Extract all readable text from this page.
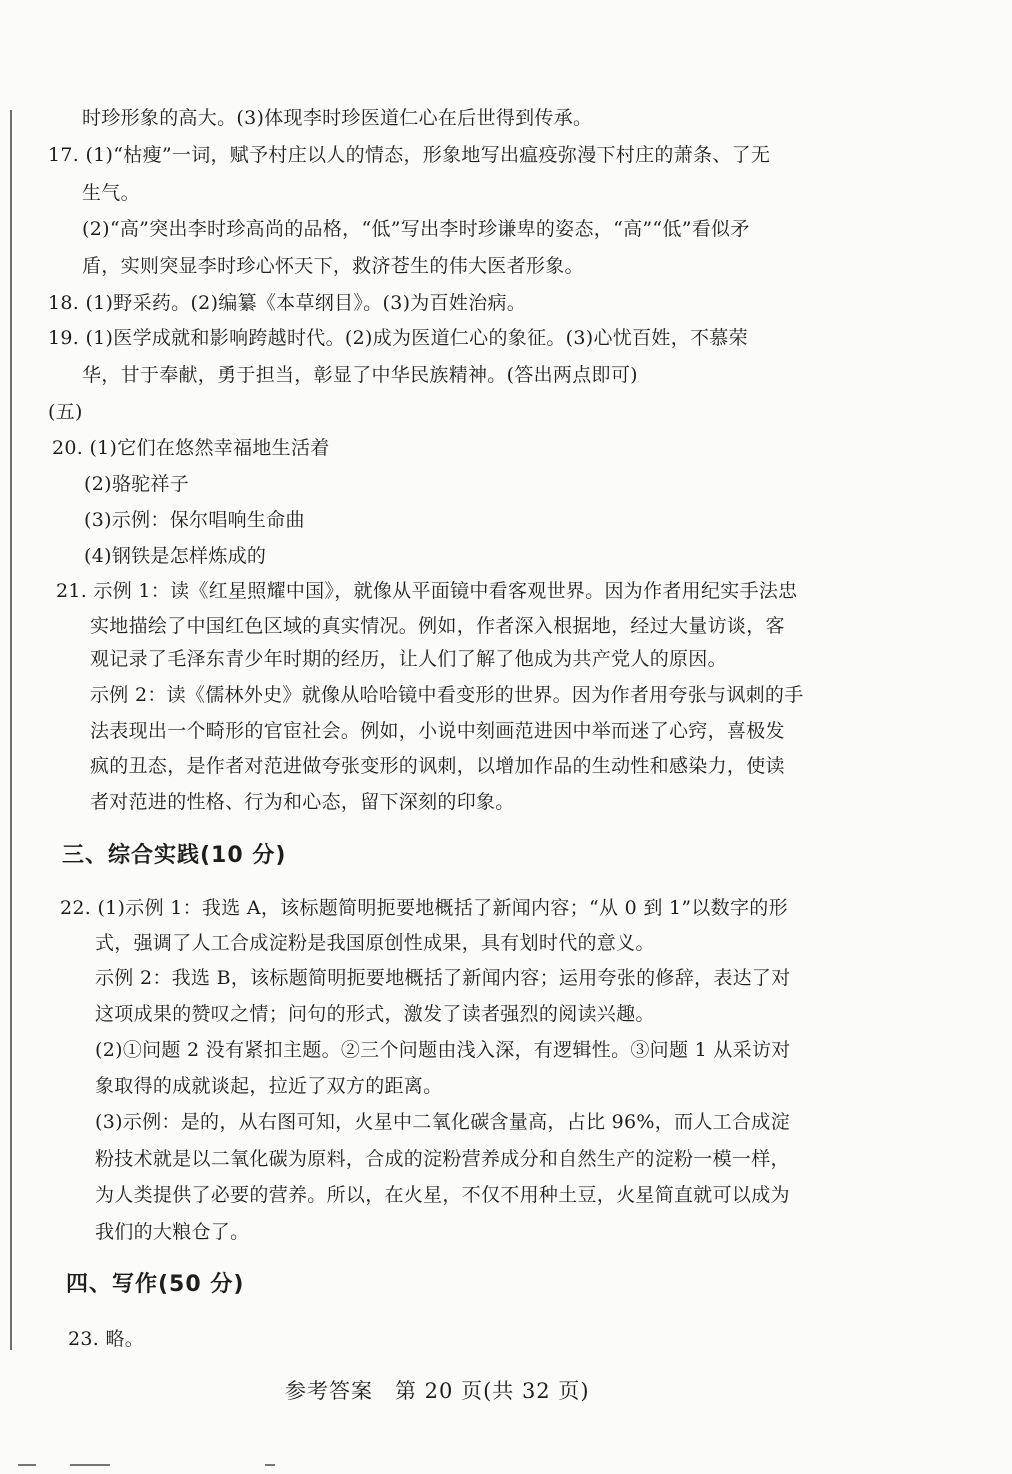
时珍形象的高大。(3)体现李时珍医道仁心在后世得到传承。
17. (1)“枯瘦”一词，赋予村庄以人的情态，形象地写出瘟疫弥漫下村庄的萧条、了无
生气。
(2)“高”突出李时珍高尚的品格，“低”写出李时珍谦卑的姿态，“高”“低”看似矛
盾，实则突显李时珍心怀天下，救济苍生的伟大医者形象。
18. (1)野采药。(2)编纂《本草纲目》。(3)为百姓治病。
19. (1)医学成就和影响跨越时代。(2)成为医道仁心的象征。(3)心忧百姓，不慕荣
华，甘于奉献，勇于担当，彰显了中华民族精神。(答出两点即可)
(五)
20. (1)它们在悠然幸福地生活着
(2)骆驼祥子
(3)示例：保尔唱响生命曲
(4)钢铁是怎样炼成的
21. 示例 1：读《红星照耀中国》，就像从平面镜中看客观世界。因为作者用纪实手法忠
实地描绘了中国红色区域的真实情况。例如，作者深入根据地，经过大量访谈，客
观记录了毛泽东青少年时期的经历，让人们了解了他成为共产党人的原因。
示例 2：读《儒林外史》就像从哈哈镜中看变形的世界。因为作者用夸张与讽刺的手
法表现出一个畸形的官宦社会。例如，小说中刻画范进因中举而迷了心窍，喜极发
疯的丑态，是作者对范进做夸张变形的讽刺，以增加作品的生动性和感染力，使读
者对范进的性格、行为和心态，留下深刻的印象。
三、综合实践(10 分)
22. (1)示例 1：我选 A，该标题简明扼要地概括了新闻内容；“从 0 到 1”以数字的形
式，强调了人工合成淀粉是我国原创性成果，具有划时代的意义。
示例 2：我选 B，该标题简明扼要地概括了新闻内容；运用夸张的修辞，表达了对
这项成果的赞叹之情；问句的形式，激发了读者强烈的阅读兴趣。
(2)①问题 2 没有紧扣主题。②三个问题由浅入深，有逻辑性。③问题 1 从采访对
象取得的成就谈起，拉近了双方的距离。
(3)示例：是的，从右图可知，火星中二氧化碳含量高，占比 96%，而人工合成淀
粉技术就是以二氧化碳为原料，合成的淀粉营养成分和自然生产的淀粉一模一样，
为人类提供了必要的营养。所以，在火星，不仅不用种土豆，火星简直就可以成为
我们的大粮仓了。
四、写作(50 分)
23. 略。
参考答案　第 20 页(共 32 页)
